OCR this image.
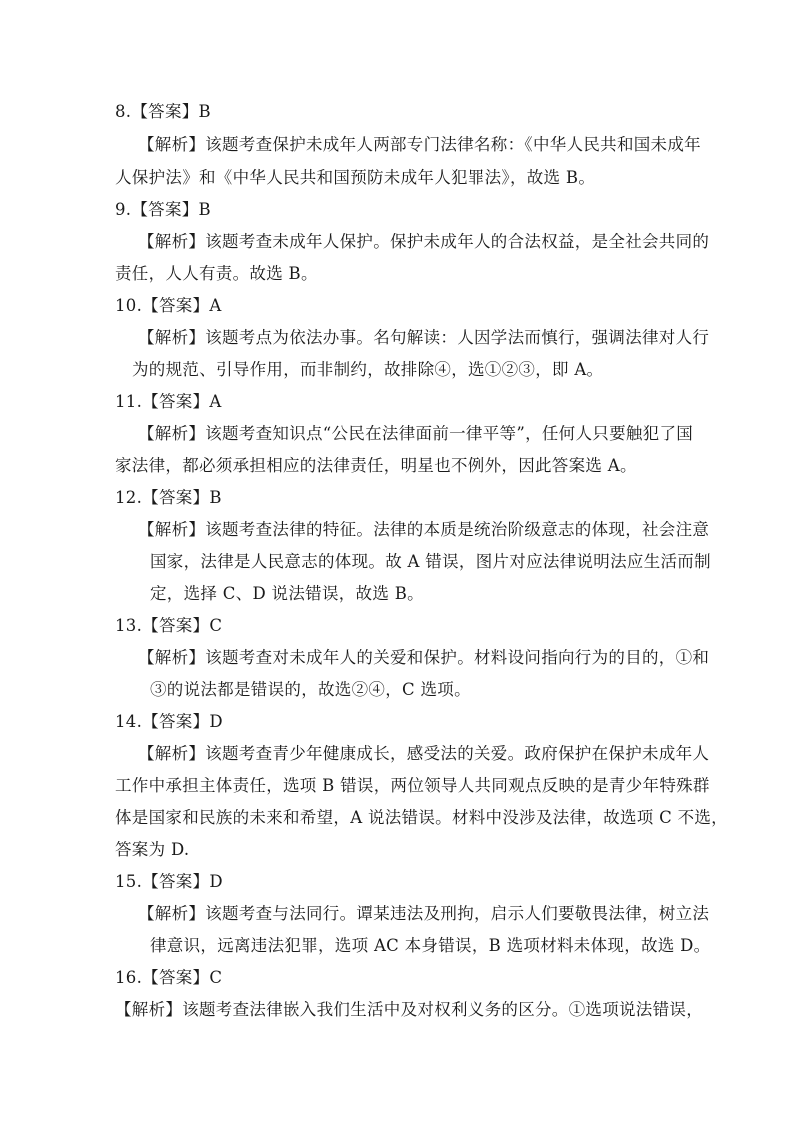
8.【答案】B
【解析】该题考查保护未成年人两部专门法律名称：《中华人民共和国未成年
人保护法》和《中华人民共和国预防未成年人犯罪法》，故选 B。
9.【答案】B
【解析】该题考查未成年人保护。保护未成年人的合法权益，是全社会共同的
责任，人人有责。故选 B。
10.【答案】A
【解析】该题考点为依法办事。名句解读：人因学法而慎行，强调法律对人行
为的规范、引导作用，而非制约，故排除④，选①②③，即 A。
11.【答案】A
【解析】该题考查知识点“公民在法律面前一律平等”，任何人只要触犯了国
家法律，都必须承担相应的法律责任，明星也不例外，因此答案选 A。
12.【答案】B
【解析】该题考查法律的特征。法律的本质是统治阶级意志的体现，社会注意
国家，法律是人民意志的体现。故 A 错误，图片对应法律说明法应生活而制
定，选择 C、D 说法错误，故选 B。
13.【答案】C
【解析】该题考查对未成年人的关爱和保护。材料设问指向行为的目的，①和
③的说法都是错误的，故选②④，C 选项。
14.【答案】D
【解析】该题考查青少年健康成长，感受法的关爱。政府保护在保护未成年人
工作中承担主体责任，选项 B 错误，两位领导人共同观点反映的是青少年特殊群
体是国家和民族的未来和希望，A 说法错误。材料中没涉及法律，故选项 C 不选，
答案为 D.
15.【答案】D
【解析】该题考查与法同行。谭某违法及刑拘，启示人们要敬畏法律，树立法
律意识，远离违法犯罪，选项 AC 本身错误，B 选项材料未体现，故选 D。
16.【答案】C
【解析】该题考查法律嵌入我们生活中及对权利义务的区分。①选项说法错误，
